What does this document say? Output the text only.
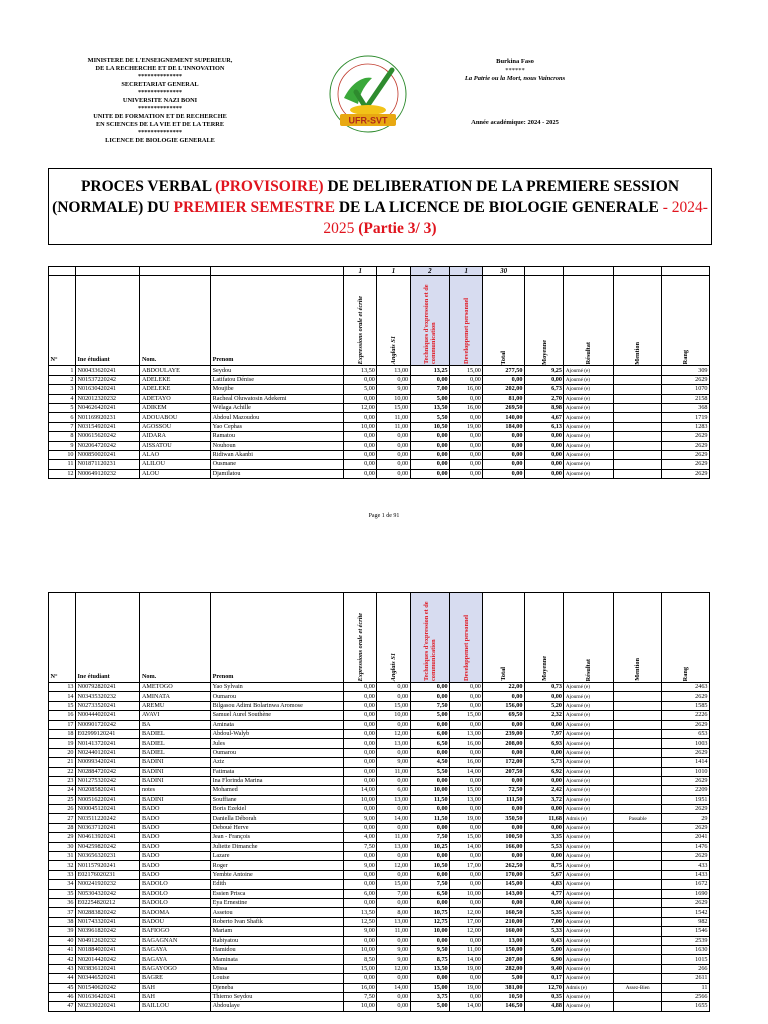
MINISTERE DE L'ENSEIGNEMENT SUPERIEUR,
DE LA RECHERCHE ET DE L'INNOVATION
**************
SECRETARIAT GENERAL
**************
UNIVERSITE NAZI BONI
**************
UNITE DE FORMATION ET DE RECHERCHE
EN SCIENCES DE LA VIE ET DE LA TERRE
**************
LICENCE DE BIOLOGIE GENERALE
UFR-SVT
Burkina Faso
******
La Patrie ou la Mort, nous Vaincrons
Année académique: 2024 - 2025
PROCES VERBAL (PROVISOIRE) DE DELIBERATION DE LA PREMIERE SESSION (NORMALE) DU PREMIER SEMESTRE DE LA LICENCE DE BIOLOGIE GENERALE - 2024-2025 (Partie 3/ 3)
				1	1	2	1	30				
N°	Ine étudiant	Nom.	Prenom	Expressions orale et écrite	Anglais S1	Techniques d'expression et de communication	Developpemet personnel	Total	Moyenne	Résultat	Mention	Rang

1	N00433620241	ABDOULAYE	Seydou	13,50	13,00	13,25	15,00	277,50	9,25	Ajourné (e)		309
2	N01537220242	ADELEKE	Latifatou Dénise	0,00	0,00	0,00	0,00	0,00	0,00	Ajourné (e)		2629
3	N01630420241	ADELEKE	Moujibe	5,00	9,00	7,00	16,00	202,00	6,73	Ajourné (e)		1070
4	N02012320232	ADETAYO	Racheal Oluwatosin Adekemi	0,00	10,00	5,00	0,00	81,00	2,70	Ajourné (e)		2158
5	N04626420241	ADIKEM	Wëlaga Achille	12,00	15,00	13,50	16,00	269,50	8,98	Ajourné (e)		368
6	N01169920231	ADOUABOU	Abdoul Mazoudou	0,00	11,00	5,50	0,00	140,00	4,67	Ajourné (e)		1719
7	N03154920241	AGOSSOU	Yao Cephas	10,00	11,00	10,50	19,00	184,00	6,13	Ajourné (e)		1283
8	N00615620242	AIDARA	Ramatou	0,00	0,00	0,00	0,00	0,00	0,00	Ajourné (e)		2629
9	N02064720242	AISSATOU	Nouhoun	0,00	0,00	0,00	0,00	0,00	0,00	Ajourné (e)		2629
10	N00850020241	ALAO	Ridiwan Akanbi	0,00	0,00	0,00	0,00	0,00	0,00	Ajourné (e)		2629
11	N01871120231	ALILOU	Ousmane	0,00	0,00	0,00	0,00	0,00	0,00	Ajourné (e)		2629
12	N00649120232	ALOU	Djamilatou	0,00	0,00	0,00	0,00	0,00	0,00	Ajourné (e)		2629
Page 1 de 91
N°	Ine étudiant	Nom.	Prenom	Expressions orale et écrite	Anglais S1	Techniques d'expression et de communication	Developpemet personnel	Total	Moyenne	Résultat	Mention	Rang

13	N00792820241	AMETOGO	Yao Sylvain	0,00	0,00	0,00	0,00	22,00	0,73	Ajourné (e)		2463
14	N03435320232	AMINATA	Oumarou	0,00	0,00	0,00	0,00	0,00	0,00	Ajourné (e)		2629
15	N02733520241	AREMU	Bilgasou Adimi Bolarinwa Aromose	0,00	15,00	7,50	0,00	156,00	5,20	Ajourné (e)		1585
16	N00444020241	AVAVI	Samuel Aurel Southène	0,00	10,00	5,00	15,00	69,50	2,32	Ajourné (e)		2226
17	N00901720242	BA	Aminata	0,00	0,00	0,00	0,00	0,00	0,00	Ajourné (e)		2629
18	E02999120241	BADIEL	Abdoul-Walyb	0,00	12,00	6,00	13,00	239,00	7,97	Ajourné (e)		653
19	N01413720241	BADIEL	Jules	0,00	13,00	6,50	16,00	208,00	6,93	Ajourné (e)		1003
20	N02440120241	BADIEL	Oumarou	0,00	0,00	0,00	0,00	0,00	0,00	Ajourné (e)		2629
21	N00993420241	BADINI	Aziz	0,00	9,00	4,50	16,00	172,00	5,73	Ajourné (e)		1414
22	N02884720242	BADINI	Fatimata	0,00	11,00	5,50	14,00	207,50	6,92	Ajourné (e)		1010
23	N01275320242	BADINI	Ina Florinda Marina	0,00	0,00	0,00	0,00	0,00	0,00	Ajourné (e)		2629
24	N02085820241	notes	Mohamed	14,00	6,00	10,00	15,00	72,50	2,42	Ajourné (e)		2209
25	N00516220241	BADINI	Souffiane	10,00	13,00	11,50	13,00	111,50	3,72	Ajourné (e)		1951
26	N00045120241	BADO	Boris Ezekiel	0,00	0,00	0,00	0,00	0,00	0,00	Ajourné (e)		2629
27	N03511220242	BADO	Daniella Déborah	9,00	14,00	11,50	19,00	350,50	11,68	Admis (e)	Passable	29
28	N03637120241	BADO	Deboué Herve	0,00	0,00	0,00	0,00	0,00	0,00	Ajourné (e)		2629
29	N04613920241	BADO	Jean - François	4,00	11,00	7,50	15,00	100,50	3,35	Ajourné (e)		2041
30	N04259820242	BADO	Juliette Dimanche	7,50	13,00	10,25	14,00	166,00	5,53	Ajourné (e)		1476
31	N03656320231	BADO	Lazare	0,00	0,00	0,00	0,00	0,00	0,00	Ajourné (e)		2629
32	N01157920241	BADO	Roger	9,00	12,00	10,50	17,00	262,50	8,75	Ajourné (e)		433
33	E02176020231	BADO	Yembte Antoine	0,00	0,00	0,00	0,00	170,00	5,67	Ajourné (e)		1433
34	N00241920232	BADOLO	Edith	0,00	15,00	7,50	0,00	145,00	4,83	Ajourné (e)		1672
35	N05304320242	BADOLO	Essien Prisca	6,00	7,00	6,50	10,00	143,00	4,77	Ajourné (e)		1690
36	E02254820212	BADOLO	Eya Ernestine	0,00	0,00	0,00	0,00	0,00	0,00	Ajourné (e)		2629
37	N02883820242	BADOMA	Assetou	13,50	8,00	10,75	12,00	160,50	5,35	Ajourné (e)		1542
38	N01743320241	BADOU	Roberto Ivan Shafik	12,50	13,00	12,75	17,00	210,00	7,00	Ajourné (e)		982
39	N03961820242	BAFIOGO	Mariam	9,00	11,00	10,00	12,00	160,00	5,33	Ajourné (e)		1546
40	N04912620232	BAGAGNAN	Rabiyatou	0,00	0,00	0,00	0,00	13,00	0,43	Ajourné (e)		2539
41	N01884020241	BAGAYA	Hamidou	10,00	9,00	9,50	11,00	150,00	5,00	Ajourné (e)		1630
42	N02014420242	BAGAYA	Maminata	8,50	9,00	8,75	14,00	207,00	6,90	Ajourné (e)		1015
43	N03836120241	BAGAYOGO	Missa	15,00	12,00	13,50	19,00	282,00	9,40	Ajourné (e)		266
44	N03446520241	BAGRE	Louise	0,00	0,00	0,00	0,00	5,00	0,17	Ajourné (e)		2611
45	N01540620242	BAH	Djeneba	16,00	14,00	15,00	19,00	381,00	12,70	Admis (e)	Assez-Bien	11
46	N01636420241	BAH	Thierno Seydou	7,50	0,00	3,75	0,00	10,50	0,35	Ajourné (e)		2566
47	N02330220241	BAILLOU	Abdoulaye	10,00	0,00	5,00	14,00	146,50	4,88	Ajourné (e)		1655
